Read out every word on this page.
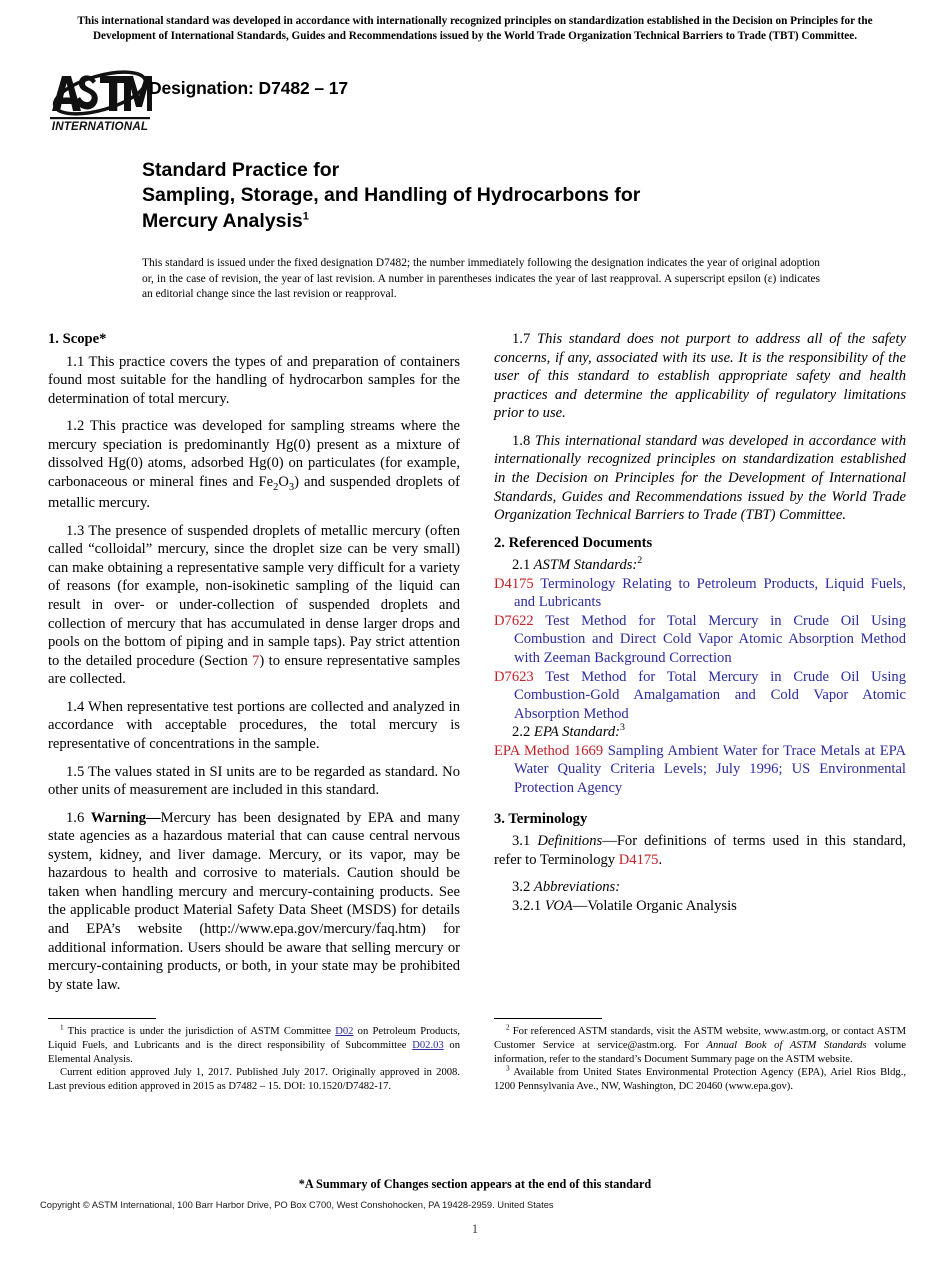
This international standard was developed in accordance with internationally recognized principles on standardization established in the Decision on Principles for the Development of International Standards, Guides and Recommendations issued by the World Trade Organization Technical Barriers to Trade (TBT) Committee.
INTERNATIONAL
Designation: D7482 – 17
Standard Practice for
Sampling, Storage, and Handling of Hydrocarbons for
Mercury Analysis$^1$
This standard is issued under the fixed designation D7482; the number immediately following the designation indicates the year of original adoption or, in the case of revision, the year of last revision. A number in parentheses indicates the year of last reapproval. A superscript epsilon (ε) indicates an editorial change since the last revision or reapproval.
1. Scope*

1.1 This practice covers the types of and preparation of containers found most suitable for the handling of hydrocarbon samples for the determination of total mercury.

1.2 This practice was developed for sampling streams where the mercury speciation is predominantly Hg(0) present as a mixture of dissolved Hg(0) atoms, adsorbed Hg(0) on particulates (for example, carbonaceous or mineral fines and $Fe_2O_3$) and suspended droplets of metallic mercury.

1.3 The presence of suspended droplets of metallic mercury (often called “colloidal” mercury, since the droplet size can be very small) can make obtaining a representative sample very difficult for a variety of reasons (for example, non-isokinetic sampling of the liquid can result in over- or under-collection of suspended droplets and collection of mercury that has accumulated in dense larger drops and pools on the bottom of piping and in sample taps). Pay strict attention to the detailed procedure (Section 7) to ensure representative samples are collected.

1.4 When representative test portions are collected and analyzed in accordance with acceptable procedures, the total mercury is representative of concentrations in the sample.

1.5 The values stated in SI units are to be regarded as standard. No other units of measurement are included in this standard.

1.6 Warning—Mercury has been designated by EPA and many state agencies as a hazardous material that can cause central nervous system, kidney, and liver damage. Mercury, or its vapor, may be hazardous to health and corrosive to materials. Caution should be taken when handling mercury and mercury-containing products. See the applicable product Material Safety Data Sheet (MSDS) for details and EPA’s website (http://www.epa.gov/mercury/faq.htm) for additional information. Users should be aware that selling mercury or mercury-containing products, or both, in your state may be prohibited by state law.

1.7 This standard does not purport to address all of the safety concerns, if any, associated with its use. It is the responsibility of the user of this standard to establish appropriate safety and health practices and determine the applicability of regulatory limitations prior to use.

1.8 This international standard was developed in accordance with internationally recognized principles on standardization established in the Decision on Principles for the Development of International Standards, Guides and Recommendations issued by the World Trade Organization Technical Barriers to Trade (TBT) Committee.

2. Referenced Documents

2.1 ASTM Standards:$^2$

D4175 Terminology Relating to Petroleum Products, Liquid Fuels, and Lubricants

D7622 Test Method for Total Mercury in Crude Oil Using Combustion and Direct Cold Vapor Atomic Absorption Method with Zeeman Background Correction

D7623 Test Method for Total Mercury in Crude Oil Using Combustion-Gold Amalgamation and Cold Vapor Atomic Absorption Method

2.2 EPA Standard:$^3$

EPA Method 1669 Sampling Ambient Water for Trace Metals at EPA Water Quality Criteria Levels; July 1996; US Environmental Protection Agency

3. Terminology

3.1 Definitions—For definitions of terms used in this standard, refer to Terminology D4175.

3.2 Abbreviations:

3.2.1 VOA—Volatile Organic Analysis

$^1$ This practice is under the jurisdiction of ASTM Committee D02 on Petroleum Products, Liquid Fuels, and Lubricants and is the direct responsibility of Subcommittee D02.03 on Elemental Analysis.

Current edition approved July 1, 2017. Published July 2017. Originally approved in 2008. Last previous edition approved in 2015 as D7482 – 15. DOI: 10.1520/D7482-17.

$^2$ For referenced ASTM standards, visit the ASTM website, www.astm.org, or contact ASTM Customer Service at service@astm.org. For Annual Book of ASTM Standards volume information, refer to the standard’s Document Summary page on the ASTM website.

$^3$ Available from United States Environmental Protection Agency (EPA), Ariel Rios Bldg., 1200 Pennsylvania Ave., NW, Washington, DC 20460 (www.epa.gov).

*A Summary of Changes section appears at the end of this standard
Copyright © ASTM International, 100 Barr Harbor Drive, PO Box C700, West Conshohocken, PA 19428-2959. United States
1
